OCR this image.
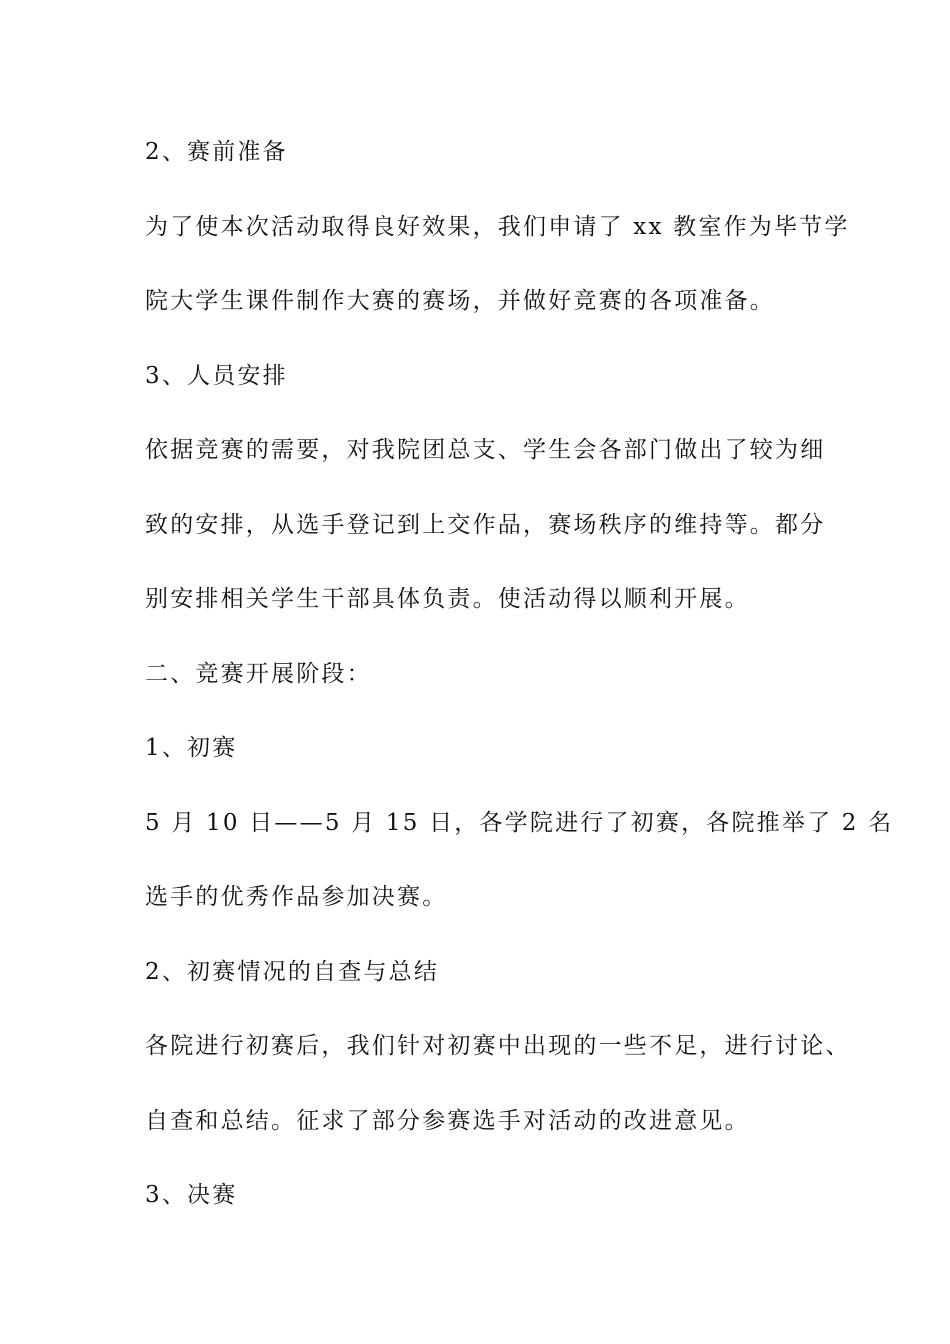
2、赛前准备
为了使本次活动取得良好效果，我们申请了 xx 教室作为毕节学
院大学生课件制作大赛的赛场，并做好竞赛的各项准备。
3、人员安排
依据竞赛的需要，对我院团总支、学生会各部门做出了较为细
致的安排，从选手登记到上交作品，赛场秩序的维持等。都分
别安排相关学生干部具体负责。使活动得以顺利开展。
二、竞赛开展阶段：
1、初赛
5 月 10 日——5 月 15 日，各学院进行了初赛，各院推举了 2 名
选手的优秀作品参加决赛。
2、初赛情况的自查与总结
各院进行初赛后，我们针对初赛中出现的一些不足，进行讨论、
自查和总结。征求了部分参赛选手对活动的改进意见。
3、决赛
